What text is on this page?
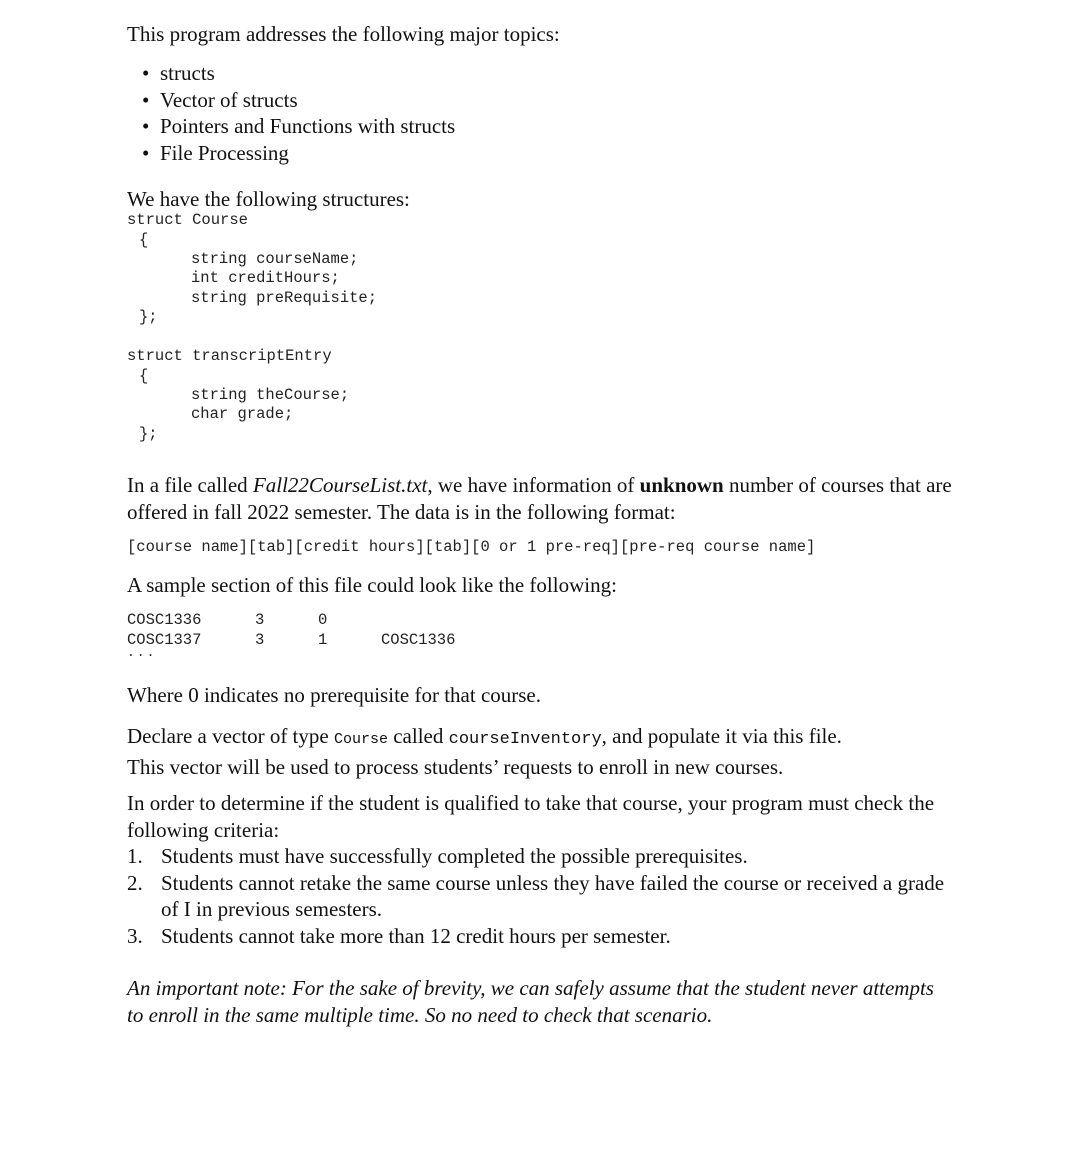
This program addresses the following major topics:
• structs
• Vector of structs
• Pointers and Functions with structs
• File Processing
We have the following structures:
struct Course
{
string courseName;
int creditHours;
string preRequisite;
};
struct transcriptEntry
{
string theCourse;
char grade;
};
In a file called Fall22CourseList.txt, we have information of unknown number of courses that are offered in fall 2022 semester. The data is in the following format:
[course name][tab][credit hours][tab][0 or 1 pre-req][pre-req course name]
A sample section of this file could look like the following:
COSC1336	3	0
COSC1337	3	1	COSC1336
...
Where 0 indicates no prerequisite for that course.
Declare a vector of type Course called courseInventory, and populate it via this file.
This vector will be used to process students’ requests to enroll in new courses.
In order to determine if the student is qualified to take that course, your program must check the following criteria:
1. Students must have successfully completed the possible prerequisites.
2. Students cannot retake the same course unless they have failed the course or received a grade of I in previous semesters.
3. Students cannot take more than 12 credit hours per semester.
An important note: For the sake of brevity, we can safely assume that the student never attempts to enroll in the same multiple time. So no need to check that scenario.
